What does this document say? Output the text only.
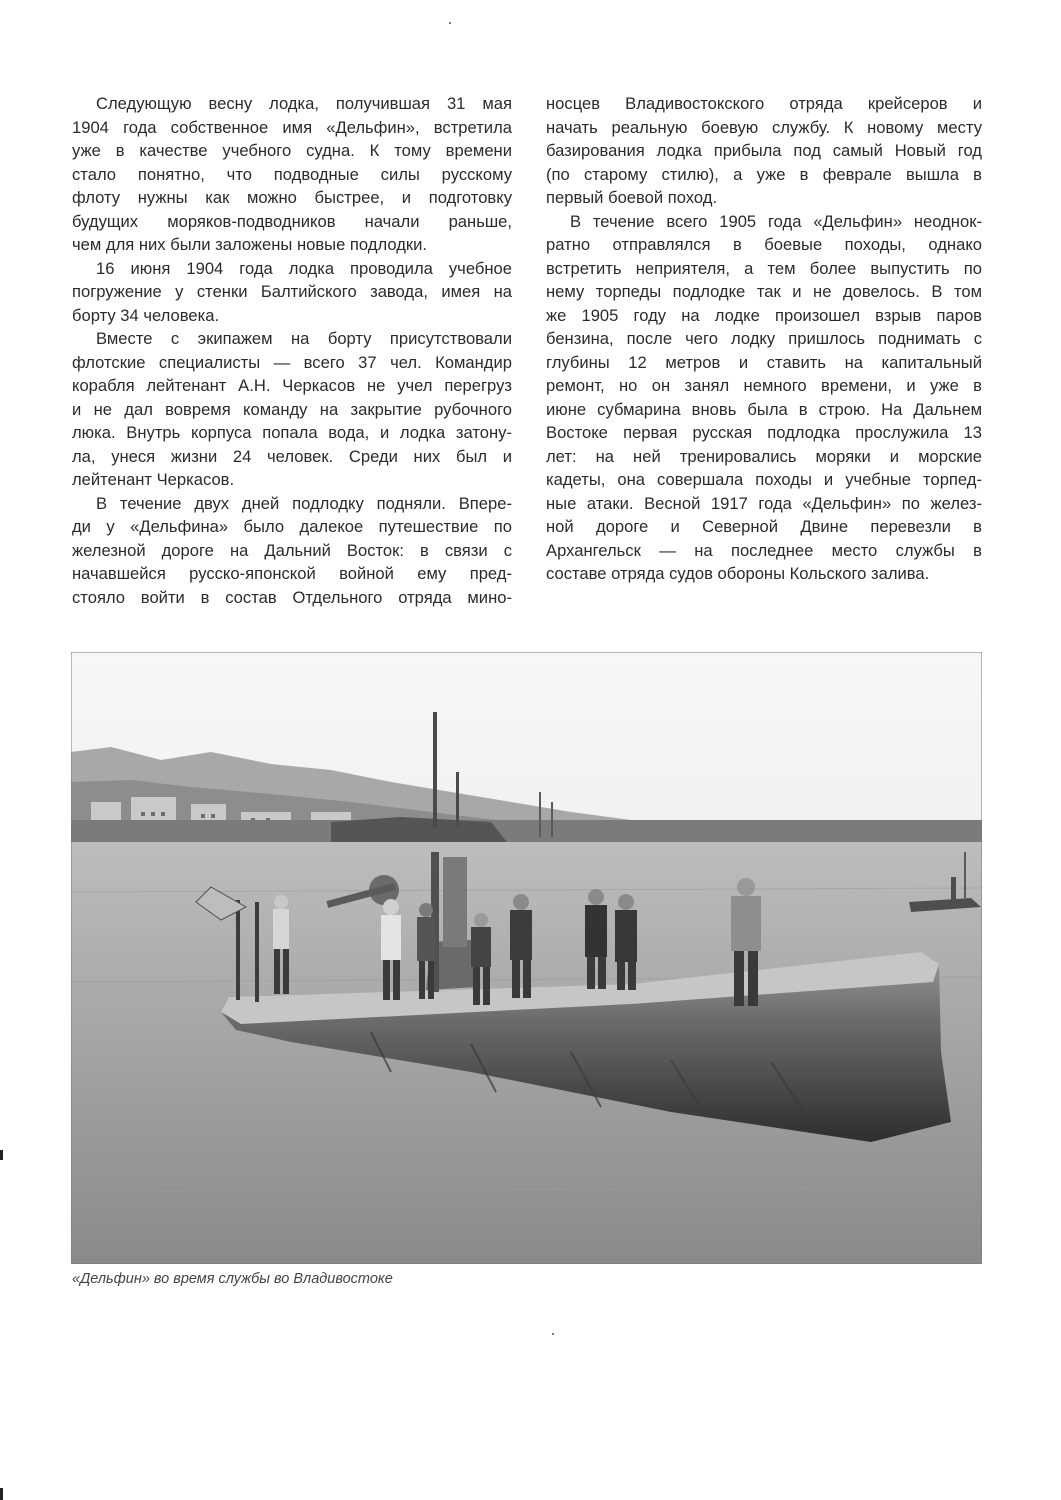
Следующую весну лодка, получившая 31 мая
1904 года собственное имя «Дельфин», встретила
уже в качестве учебного судна. К тому времени
стало понятно, что подводные силы русскому
флоту нужны как можно быстрее, и подготовку
будущих моряков-подводников начали раньше,
чем для них были заложены новые подлодки.
16 июня 1904 года лодка проводила учебное
погружение у стенки Балтийского завода, имея на
борту 34 человека.
Вместе с экипажем на борту присутствовали
флотские специалисты — всего 37 чел. Командир
корабля лейтенант А.Н. Черкасов не учел перегруз
и не дал вовремя команду на закрытие рубочного
люка. Внутрь корпуса попала вода, и лодка затону-
ла, унеся жизни 24 человек. Среди них был и
лейтенант Черкасов.
В течение двух дней подлодку подняли. Впере-
ди у «Дельфина» было далекое путешествие по
железной дороге на Дальний Восток: в связи с
начавшейся русско-японской войной ему пред-
стояло войти в состав Отдельного отряда мино-
носцев Владивостокского отряда крейсеров и
начать реальную боевую службу. К новому месту
базирования лодка прибыла под самый Новый год
(по старому стилю), а уже в феврале вышла в
первый боевой поход.
В течение всего 1905 года «Дельфин» неоднок-
ратно отправлялся в боевые походы, однако
встретить неприятеля, а тем более выпустить по
нему торпеды подлодке так и не довелось. В том
же 1905 году на лодке произошел взрыв паров
бензина, после чего лодку пришлось поднимать с
глубины 12 метров и ставить на капитальный
ремонт, но он занял немного времени, и уже в
июне субмарина вновь была в строю. На Дальнем
Востоке первая русская подлодка прослужила 13
лет: на ней тренировались моряки и морские
кадеты, она совершала походы и учебные торпед-
ные атаки. Весной 1917 года «Дельфин» по желез-
ной дороге и Северной Двине перевезли в
Архангельск — на последнее место службы в
составе отряда судов обороны Кольского залива.
«Дельфин» во время службы во Владивостоке
